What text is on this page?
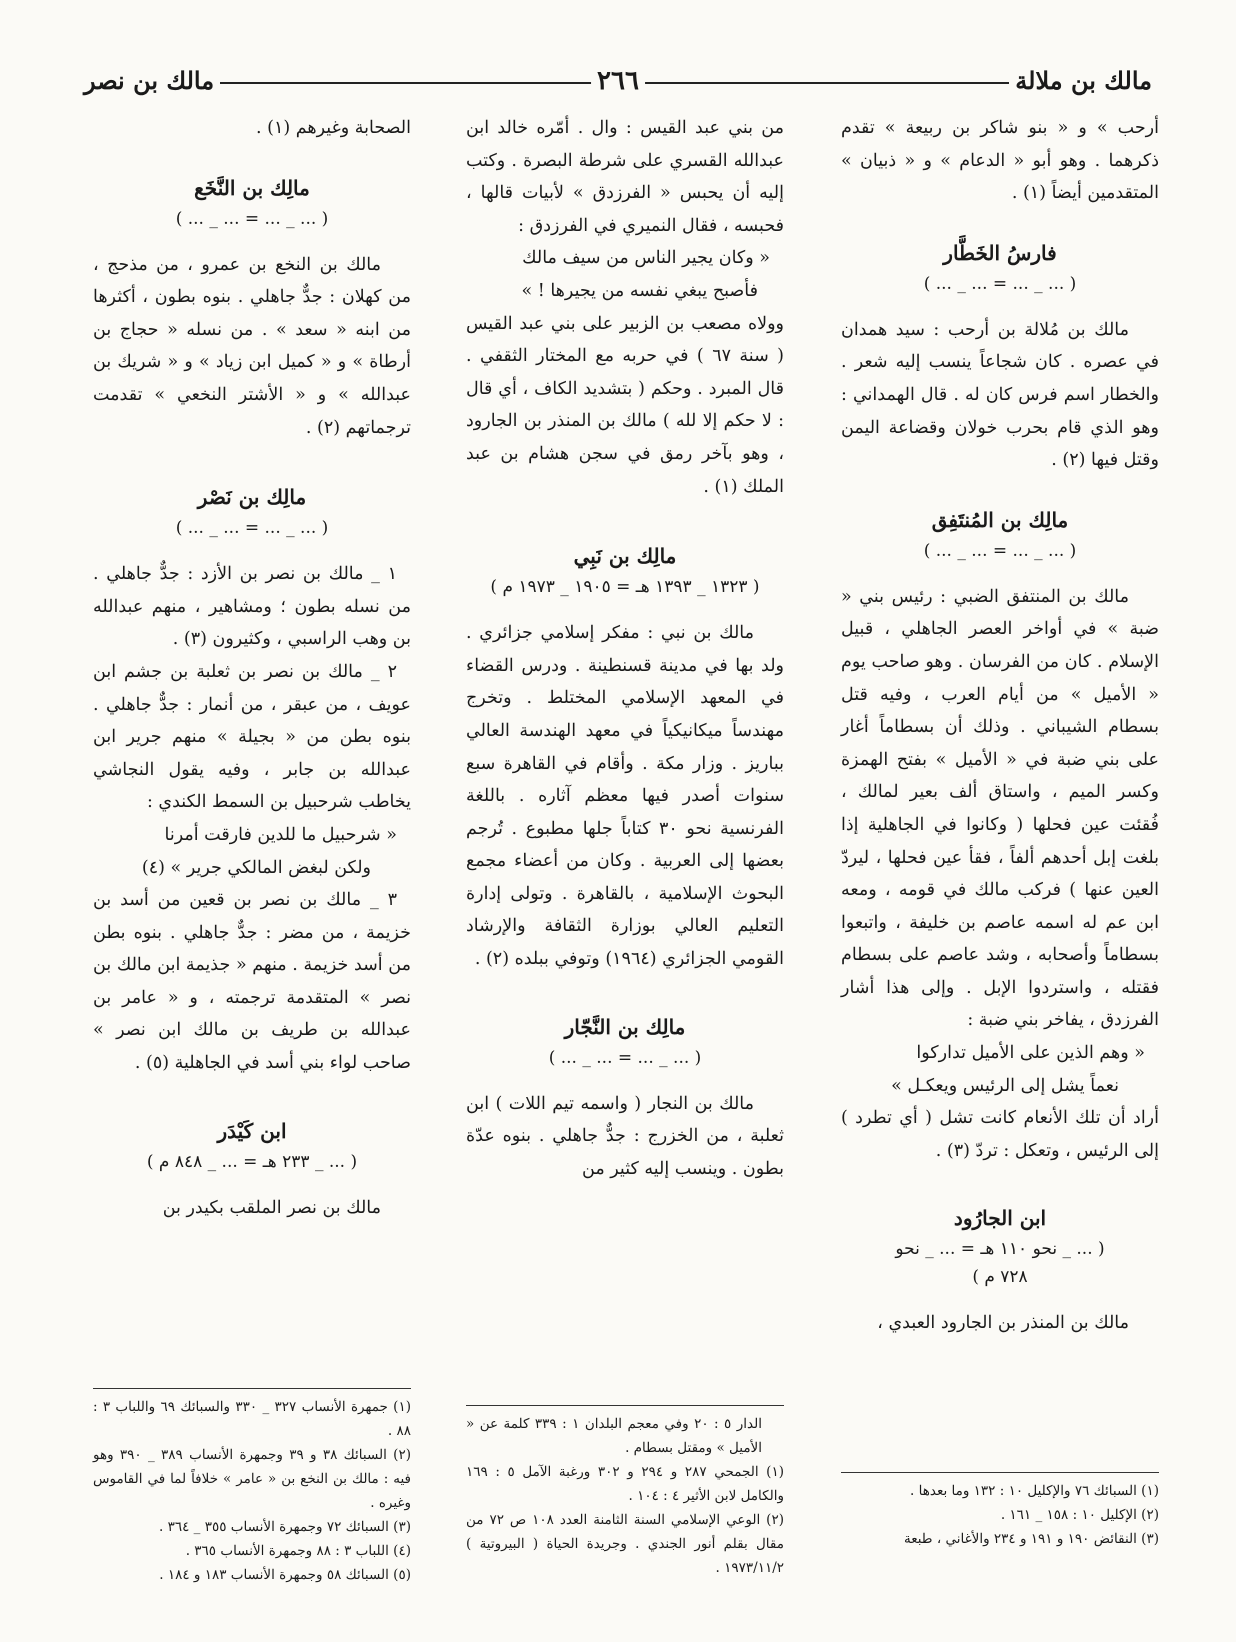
مالك بن ملالة
٢٦٦
مالك بن نصر

أرحب » و « بنو شاكر بن ربيعة » تقدم ذكرهما . وهو أبو « الدعام » و « ذبيان » المتقدمين أيضاً (١) .

فارسُ الخَطَّار
( ... _ ... = ... _ ... )

مالك بن مُلالة بن أرحب : سيد همدان في عصره . كان شجاعاً ينسب إليه شعر . والخطار اسم فرس كان له . قال الهمداني : وهو الذي قام بحرب خولان وقضاعة اليمن وقتل فيها (٢) .

مالِك بن المُنتَفِق
( ... _ ... = ... _ ... )

مالك بن المنتفق الضبي : رئيس بني « ضبة » في أواخر العصر الجاهلي ، قبيل الإسلام . كان من الفرسان . وهو صاحب يوم « الأميل » من أيام العرب ، وفيه قتل بسطام الشيباني . وذلك أن بسطاماً أغار على بني ضبة في « الأميل » بفتح الهمزة وكسر الميم ، واستاق ألف بعير لمالك ، فُقئت عين فحلها ( وكانوا في الجاهلية إذا بلغت إبل أحدهم ألفاً ، فقأ عين فحلها ، ليردّ العين عنها ) فركب مالك في قومه ، ومعه ابن عم له اسمه عاصم بن خليفة ، واتبعوا بسطاماً وأصحابه ، وشد عاصم على بسطام فقتله ، واستردوا الإبل . وإلى هذا أشار الفرزدق ، يفاخر بني ضبة :

« وهم الذين على الأميل تداركوا

نعماً يشل إلى الرئيس ويعكـل »

أراد أن تلك الأنعام كانت تشل ( أي تطرد ) إلى الرئيس ، وتعكل : تردّ (٣) .

ابن الجارُود
( ... _ نحو ١١٠ هـ = ... _ نحو ٧٢٨ م )

مالك بن المنذر بن الجارود العبدي ،

(١) السبائك ٧٦ والإكليل ١٠ : ١٣٢ وما بعدها .

(٢) الإكليل ١٠ : ١٥٨ _ ١٦١ .

(٣) النقائض ١٩٠ و ١٩١ و ٢٣٤ والأغاني ، طبعة

من بني عبد القيس : وال . أمّره خالد ابن عبدالله القسري على شرطة البصرة . وكتب إليه أن يحبس « الفرزدق » لأبيات قالها ، فحبسه ، فقال النميري في الفرزدق :

« وكان يجير الناس من سيف مالك

فأصبح يبغي نفسه من يجيرها ! »

وولاه مصعب بن الزبير على بني عبد القيس ( سنة ٦٧ ) في حربه مع المختار الثقفي . قال المبرد . وحكم ( بتشديد الكاف ، أي قال : لا حكم إلا لله ) مالك بن المنذر بن الجارود ، وهو بآخر رمق في سجن هشام بن عبد الملك (١) .

مالِك بن نَبِي
( ١٣٢٣ _ ١٣٩٣ هـ = ١٩٠٥ _ ١٩٧٣ م )

مالك بن نبي : مفكر إسلامي جزائري . ولد بها في مدينة قسنطينة . ودرس القضاء في المعهد الإسلامي المختلط . وتخرج مهندساً ميكانيكياً في معهد الهندسة العالي بباريز . وزار مكة . وأقام في القاهرة سبع سنوات أصدر فيها معظم آثاره . باللغة الفرنسية نحو ٣٠ كتاباً جلها مطبوع . تُرجم بعضها إلى العربية . وكان من أعضاء مجمع البحوث الإسلامية ، بالقاهرة . وتولى إدارة التعليم العالي بوزارة الثقافة والإرشاد القومي الجزائري (١٩٦٤) وتوفي ببلده (٢) .

مالِك بن النَّجّار
( ... _ ... = ... _ ... )

مالك بن النجار ( واسمه تيم اللات ) ابن ثعلبة ، من الخزرج : جدٌّ جاهلي . بنوه عدّة بطون . وينسب إليه كثير من

الدار ٥ : ٢٠ وفي معجم البلدان ١ : ٣٣٩ كلمة عن « الأميل » ومقتل بسطام .

(١) الجمحي ٢٨٧ و ٢٩٤ و ٣٠٢ ورغبة الآمل ٥ : ١٦٩ والكامل لابن الأثير ٤ : ١٠٤ .

(٢) الوعي الإسلامي السنة الثامنة العدد ١٠٨ ص ٧٢ من مقال بقلم أنور الجندي . وجريدة الحياة ( البيروتية ) ١٩٧٣/١١/٢ .

الصحابة وغيرهم (١) .

مالِك بن النَّخَع
( ... _ ... = ... _ ... )

مالك بن النخع بن عمرو ، من مذحج ، من كهلان : جدٌّ جاهلي . بنوه بطون ، أكثرها من ابنه « سعد » . من نسله « حجاج بن أرطاة » و « كميل ابن زياد » و « شريك بن عبدالله » و « الأشتر النخعي » تقدمت ترجماتهم (٢) .

مالِك بن نَصْر
( ... _ ... = ... _ ... )

١ _ مالك بن نصر بن الأزد : جدٌّ جاهلي . من نسله بطون ؛ ومشاهير ، منهم عبدالله بن وهب الراسبي ، وكثيرون (٣) .

٢ _ مالك بن نصر بن ثعلبة بن جشم ابن عويف ، من عبقر ، من أنمار : جدٌّ جاهلي . بنوه بطن من « بجيلة » منهم جرير ابن عبدالله بن جابر ، وفيه يقول النجاشي يخاطب شرحبيل بن السمط الكندي :

« شرحبيل ما للدين فارقت أمرنا

ولكن لبغض المالكي جرير » (٤)

٣ _ مالك بن نصر بن قعين من أسد بن خزيمة ، من مضر : جدٌّ جاهلي . بنوه بطن من أسد خزيمة . منهم « جذيمة ابن مالك بن نصر » المتقدمة ترجمته ، و « عامر بن عبدالله بن طريف بن مالك ابن نصر » صاحب لواء بني أسد في الجاهلية (٥) .

ابن كَيْدَر
( ... _ ٢٣٣ هـ = ... _ ٨٤٨ م )

مالك بن نصر الملقب بكيدر بن

(١) جمهرة الأنساب ٣٢٧ _ ٣٣٠ والسبائك ٦٩ واللباب ٣ : ٨٨ .

(٢) السبائك ٣٨ و ٣٩ وجمهرة الأنساب ٣٨٩ _ ٣٩٠ وهو فيه : مالك بن النخع بن « عامر » خلافاً لما في القاموس وغيره .

(٣) السبائك ٧٢ وجمهرة الأنساب ٣٥٥ _ ٣٦٤ .

(٤) اللباب ٣ : ٨٨ وجمهرة الأنساب ٣٦٥ .

(٥) السبائك ٥٨ وجمهرة الأنساب ١٨٣ و ١٨٤ .
